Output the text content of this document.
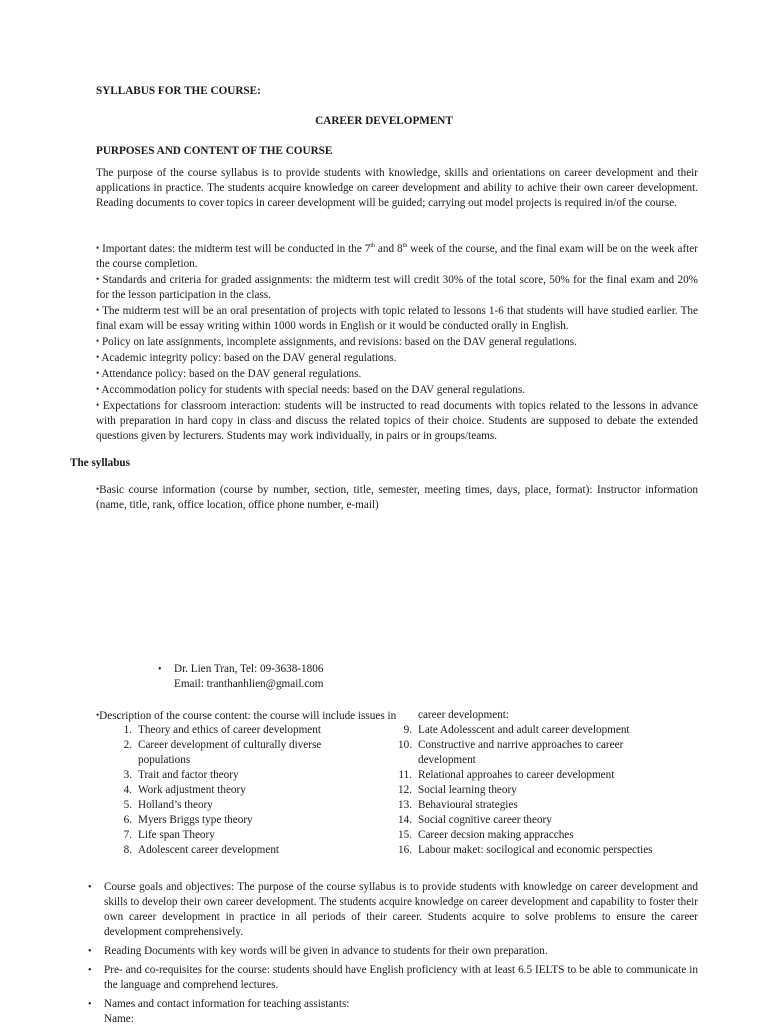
SYLLABUS FOR THE COURSE:
CAREER DEVELOPMENT
PURPOSES AND CONTENT OF THE COURSE
The purpose of the course syllabus is to provide students with knowledge, skills and orientations on career development and their applications in practice. The students acquire knowledge on career development and ability to achive their own career development. Reading documents to cover topics in career development will be guided; carrying out model projects is required in/of the course.

• Important dates: the midterm test will be conducted in the 7th and 8th week of the course, and the final exam will be on the week after the course completion.

• Standards and criteria for graded assignments: the midterm test will credit 30% of the total score, 50% for the final exam and 20% for the lesson participation in the class.

• The midterm test will be an oral presentation of projects with topic related to lessons 1-6 that students will have studied earlier. The final exam will be essay writing within 1000 words in English or it would be conducted orally in English.

• Policy on late assignments, incomplete assignments, and revisions: based on the DAV general regulations.

• Academic integrity policy: based on the DAV general regulations.

• Attendance policy: based on the DAV general regulations.

• Accommodation policy for students with special needs: based on the DAV general regulations.

• Expectations for classroom interaction: students will be instructed to read documents with topics related to the lessons in advance with preparation in hard copy in class and discuss the related topics of their choice. Students are supposed to debate the extended questions given by lecturers. Students may work individually, in pairs or in groups/teams.

The syllabus
•Basic course information (course by number, section, title, semester, meeting times, days, place, format): Instructor information (name, title, rank, office location, office phone number, e-mail)
• Dr. Lien Tran, Tel: 09-3638-1806
Email: tranthanhlien@gmail.com
•Description of the course content: the course will include issues in career development:
1. Theory and ethics of career development
2. Career development of culturally diverse populations
3. Trait and factor theory
4. Work adjustment theory
5. Holland’s theory
6. Myers Briggs type theory
7. Life span Theory
8. Adolescent career development
9. Late Adolesscent and adult career development
10. Constructive and narrive approaches to career development
11. Relational approahes to career development
12. Social learning theory
13. Behavioural strategies
14. Social cognitive career theory
15. Career decsion making appracches
16. Labour maket: socilogical and economic perspecties
• Course goals and objectives: The purpose of the course syllabus is to provide students with knowledge on career development and skills to develop their own career development. The students acquire knowledge on career development and capability to foster their own career development in practice in all periods of their career. Students acquire to solve problems to ensure the career development comprehensively.
• Reading Documents with key words will be given in advance to students for their own preparation.
• Pre- and co-requisites for the course: students should have English proficiency with at least 6.5 IELTS to be able to communicate in the language and comprehend lectures.
• Names and contact information for teaching assistants:
Name:
